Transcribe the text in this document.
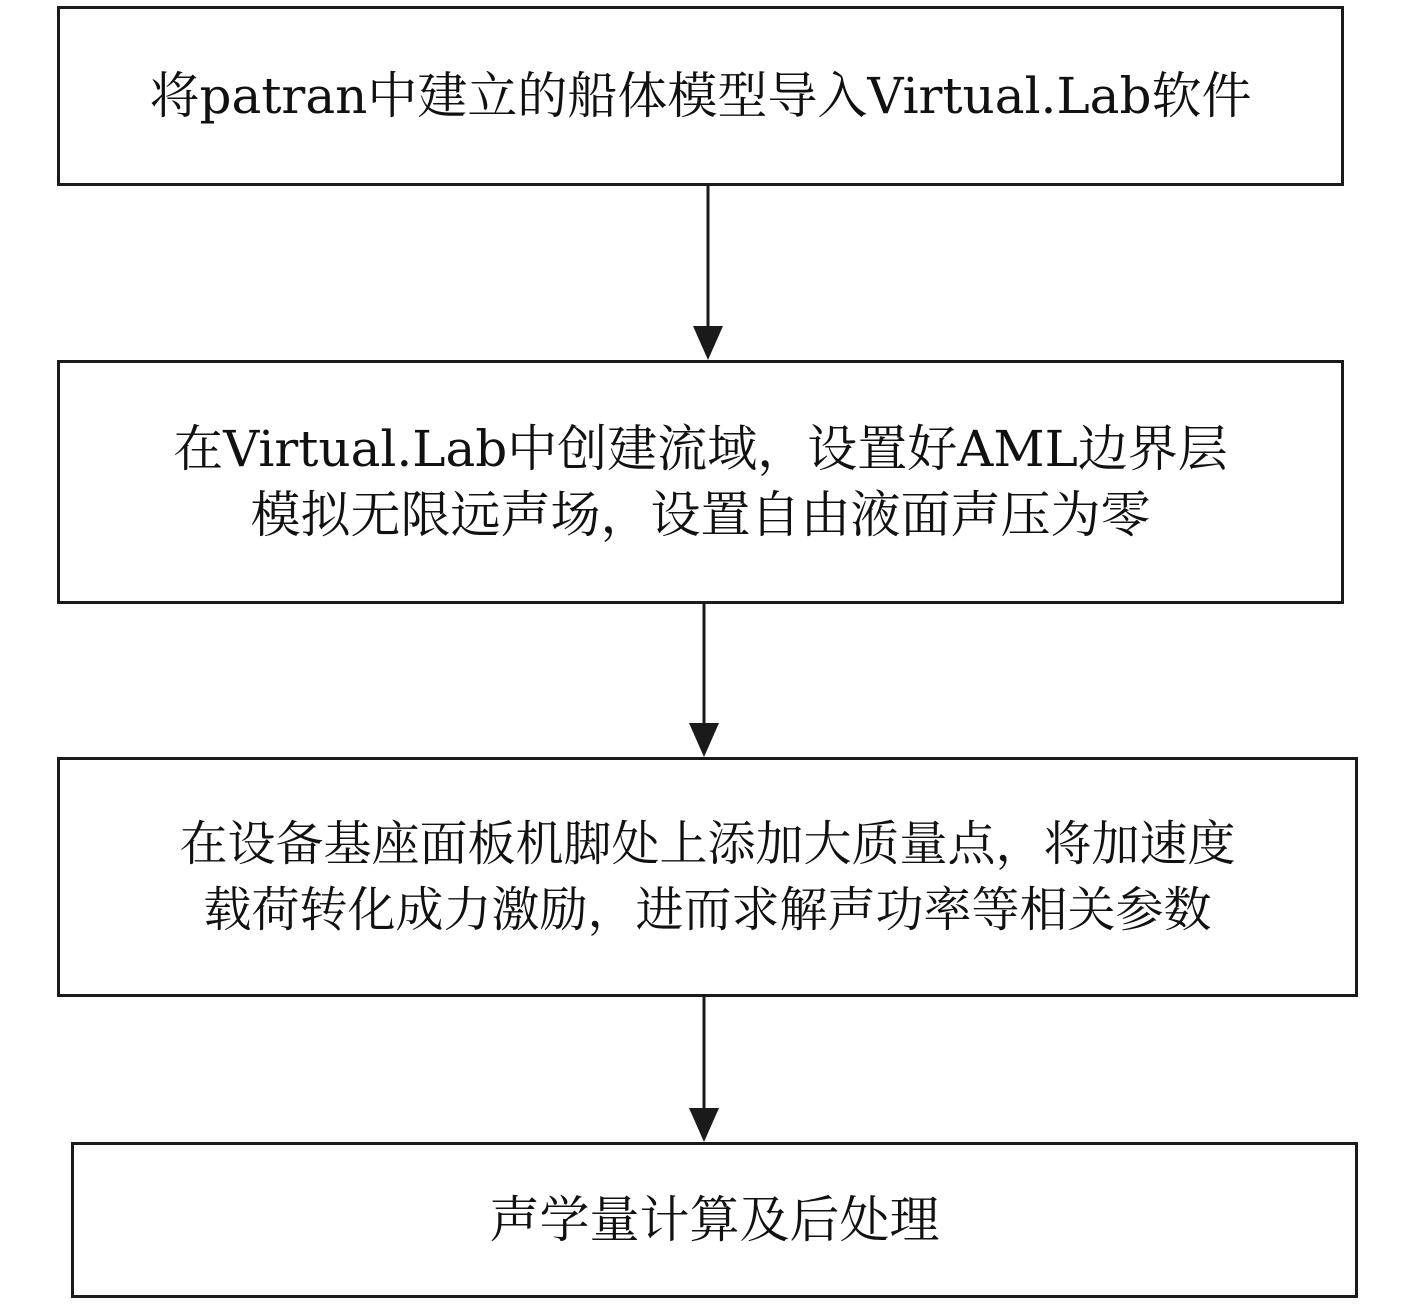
将patran中建立的船体模型导入Virtual.Lab软件
在Virtual.Lab中创建流域，设置好AML边界层
模拟无限远声场，设置自由液面声压为零
在设备基座面板机脚处上添加大质量点，将加速度
载荷转化成力激励，进而求解声功率等相关参数
声学量计算及后处理
